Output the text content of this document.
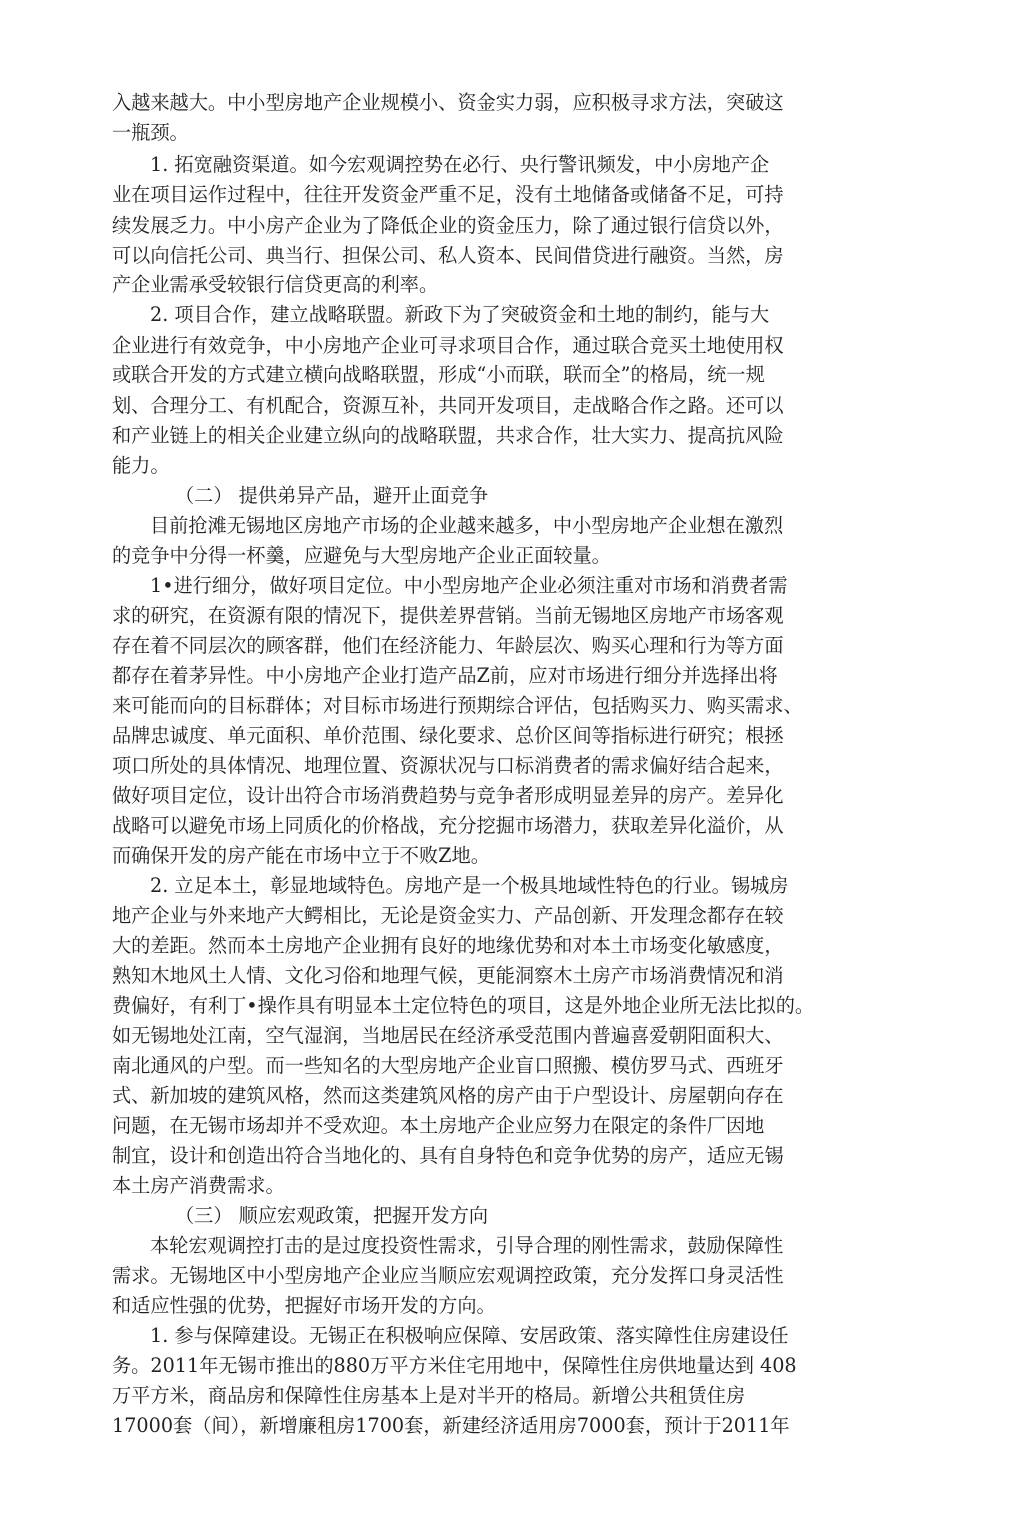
入越来越大。中小型房地产企业规模小、资金实力弱，应积极寻求方法，突破这
一瓶颈。
1. 拓宽融资渠道。如今宏观调控势在必行、央行警讯频发，中小房地产企
业在项目运作过程中，往往开发资金严重不足，没有土地储备或储备不足，可持
续发展乏力。中小房产企业为了降低企业的资金压力，除了通过银行信贷以外，
可以向信托公司、典当行、担保公司、私人资本、民间借贷进行融资。当然，房
产企业需承受较银行信贷更高的利率。
2. 项目合作，建立战略联盟。新政下为了突破资金和土地的制约，能与大
企业进行有效竞争，中小房地产企业可寻求项目合作，通过联合竞买土地使用权
或联合开发的方式建立横向战略联盟，形成“小而联，联而全”的格局，统一规
划、合理分工、有机配合，资源互补，共同开发项目，走战略合作之路。还可以
和产业链上的相关企业建立纵向的战略联盟，共求合作，壮大实力、提高抗风险
能力。
（二） 提供弟异产品，避开止面竞争
目前抢滩无锡地区房地产市场的企业越来越多，中小型房地产企业想在激烈
的竞争中分得一杯羹，应避免与大型房地产企业正面较量。
1•进行细分，做好项目定位。中小型房地产企业必须注重对市场和消费者需
求的研究，在资源有限的情况下，提供差界营销。当前无锡地区房地产市场客观
存在着不同层次的顾客群，他们在经济能力、年龄层次、购买心理和行为等方面
都存在着茅异性。中小房地产企业打造产品Z前，应对市场进行细分并选择出将
来可能而向的目标群体；对目标市场进行预期综合评估，包括购买力、购买需求、
品牌忠诚度、单元面积、单价范围、绿化要求、总价区间等指标进行研究；根拯
项口所处的具体情况、地理位置、资源状况与口标消费者的需求偏好结合起来，
做好项目定位，设计出符合市场消费趋势与竞争者形成明显差异的房产。差异化
战略可以避免市场上同质化的价格战，充分挖掘市场潜力，获取差异化溢价，从
而确保开发的房产能在市场中立于不败Z地。
2. 立足本土，彰显地域特色。房地产是一个极具地域性特色的行业。锡城房
地产企业与外来地产大鳄相比，无论是资金实力、产品创新、开发理念都存在较
大的差距。然而本土房地产企业拥有良好的地缘优势和对本土市场变化敏感度，
熟知木地风土人情、文化习俗和地理气候，更能洞察木土房产市场消费情况和消
费偏好，有利丁•操作具有明显本土定位特色的项目，这是外地企业所无法比拟的。
如无锡地处江南，空气湿润，当地居民在经济承受范围内普遍喜爱朝阳面积大、
南北通风的户型。而一些知名的大型房地产企业盲口照搬、模仿罗马式、西班牙
式、新加坡的建筑风格，然而这类建筑风格的房产由于户型设计、房屋朝向存在
问题，在无锡市场却并不受欢迎。本土房地产企业应努力在限定的条件厂因地
制宜，设计和创造出符合当地化的、具有自身特色和竞争优势的房产，适应无锡
本土房产消费需求。
（三） 顺应宏观政策，把握开发方向
本轮宏观调控打击的是过度投资性需求，引导合理的刚性需求，鼓励保障性
需求。无锡地区中小型房地产企业应当顺应宏观调控政策，充分发挥口身灵活性
和适应性强的优势，把握好市场开发的方向。
1. 参与保障建设。无锡正在积极响应保障、安居政策、落实障性住房建设任
务。2011年无锡市推出的880万平方米住宅用地中，保障性住房供地量达到 408
万平方米，商品房和保障性住房基本上是对半开的格局。新增公共租赁住房
17000套（间），新增廉租房1700套，新建经济适用房7000套，预计于2011年
